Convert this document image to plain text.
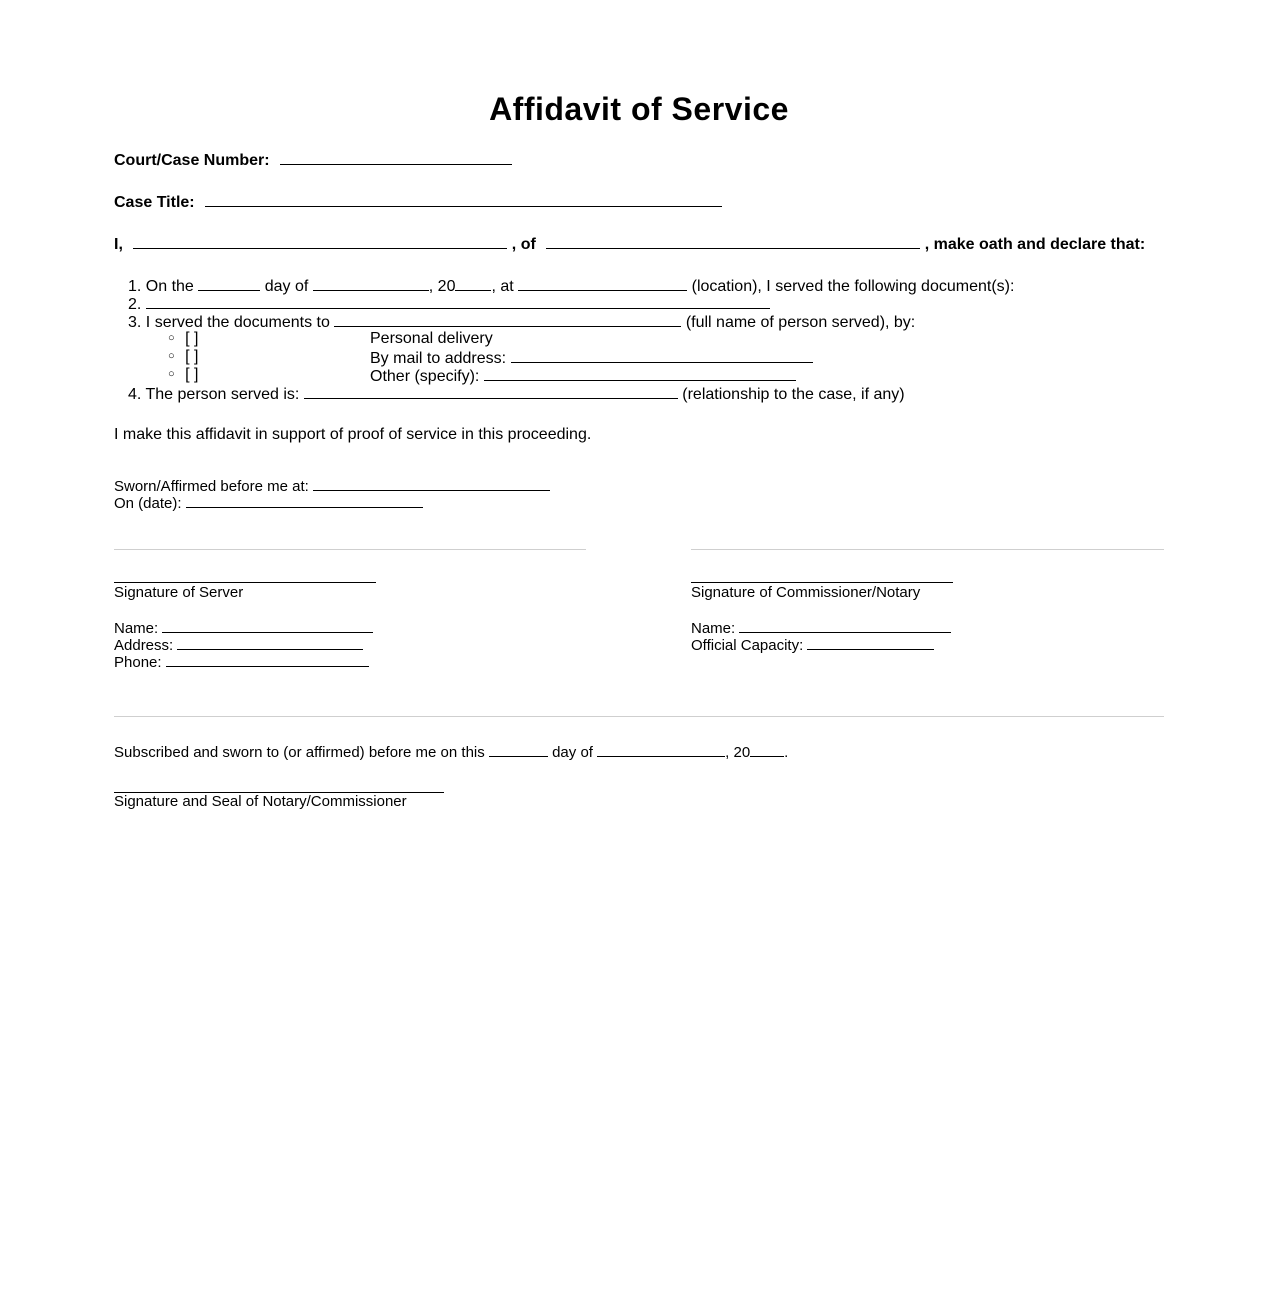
Affidavit of Service
Court/Case Number:
Case Title:
I,	, of	, make oath and declare that:
1. On the	day of	, 20 , at	(location), I served the following document(s):
2.
3. I served the documents to	(full name of person served), by:
○ [ ]	Personal delivery
○ [ ]	By mail to address:
○ [ ]	Other (specify):
4. The person served is:	(relationship to the case, if any)
I make this affidavit in support of proof of service in this proceeding.
Sworn/Affirmed before me at:
On (date):
Signature of Server
Name:
Address:
Phone:
Signature of Commissioner/Notary
Name:
Official Capacity:
Subscribed and sworn to (or affirmed) before me on this	day of	, 20 .
Signature and Seal of Notary/Commissioner
